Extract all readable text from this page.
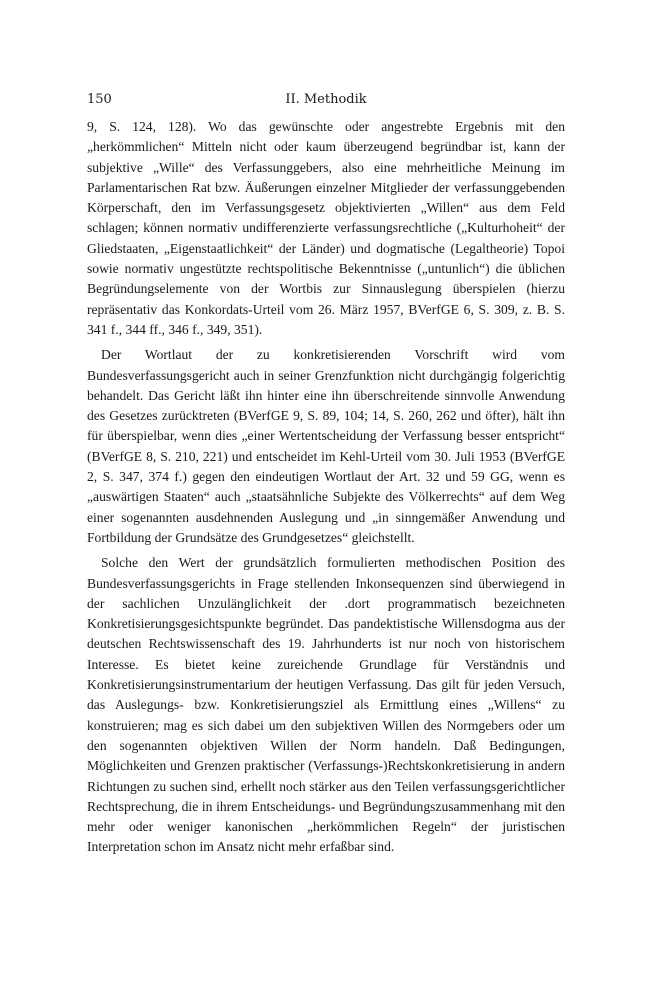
150	II. Methodik

9, S. 124, 128). Wo das gewünschte oder angestrebte Ergebnis mit den „herkömmlichen“ Mitteln nicht oder kaum überzeugend begründbar ist, kann der subjektive „Wille“ des Verfassunggebers, also eine mehrheitliche Meinung im Parlamentarischen Rat bzw. Äußerungen einzelner Mitglieder der verfassunggebenden Körperschaft, den im Verfassungsgesetz objektivierten „Willen“ aus dem Feld schlagen; können normativ undifferenzierte verfassungsrechtliche („Kulturhoheit“ der Gliedstaaten, „Eigenstaatlichkeit“ der Länder) und dogmatische (Legaltheorie) Topoi sowie normativ ungestützte rechtspolitische Bekenntnisse („untunlich“) die üblichen Begründungselemente von der Wortbis zur Sinnauslegung überspielen (hierzu repräsentativ das Konkordats-Urteil vom 26. März 1957, BVerfGE 6, S. 309, z. B. S. 341 f., 344 ff., 346 f., 349, 351).

Der Wortlaut der zu konkretisierenden Vorschrift wird vom Bundesverfassungsgericht auch in seiner Grenzfunktion nicht durchgängig folgerichtig behandelt. Das Gericht läßt ihn hinter eine ihn überschreitende sinnvolle Anwendung des Gesetzes zurücktreten (BVerfGE 9, S. 89, 104; 14, S. 260, 262 und öfter), hält ihn für überspielbar, wenn dies „einer Wertentscheidung der Verfassung besser entspricht“ (BVerfGE 8, S. 210, 221) und entscheidet im Kehl-Urteil vom 30. Juli 1953 (BVerfGE 2, S. 347, 374 f.) gegen den eindeutigen Wortlaut der Art. 32 und 59 GG, wenn es „auswärtigen Staaten“ auch „staatsähnliche Subjekte des Völkerrechts“ auf dem Weg einer sogenannten ausdehnenden Auslegung und „in sinngemäßer Anwendung und Fortbildung der Grundsätze des Grundgesetzes“ gleichstellt.

Solche den Wert der grundsätzlich formulierten methodischen Position des Bundesverfassungsgerichts in Frage stellenden Inkonsequenzen sind überwiegend in der sachlichen Unzulänglichkeit der .dort programmatisch bezeichneten Konkretisierungsgesichtspunkte begründet. Das pandektistische Willensdogma aus der deutschen Rechtswissenschaft des 19. Jahrhunderts ist nur noch von historischem Interesse. Es bietet keine zureichende Grundlage für Verständnis und Konkretisierungsinstrumentarium der heutigen Verfassung. Das gilt für jeden Versuch, das Auslegungs- bzw. Konkretisierungsziel als Ermittlung eines „Willens“ zu konstruieren; mag es sich dabei um den subjektiven Willen des Normgebers oder um den sogenannten objektiven Willen der Norm handeln. Daß Bedingungen, Möglichkeiten und Grenzen praktischer (Verfassungs-)Rechtskonkretisierung in andern Richtungen zu suchen sind, erhellt noch stärker aus den Teilen verfassungsgerichtlicher Rechtsprechung, die in ihrem Entscheidungs- und Begründungszusammenhang mit den mehr oder weniger kanonischen „herkömmlichen Regeln“ der juristischen Interpretation schon im Ansatz nicht mehr erfaßbar sind.
